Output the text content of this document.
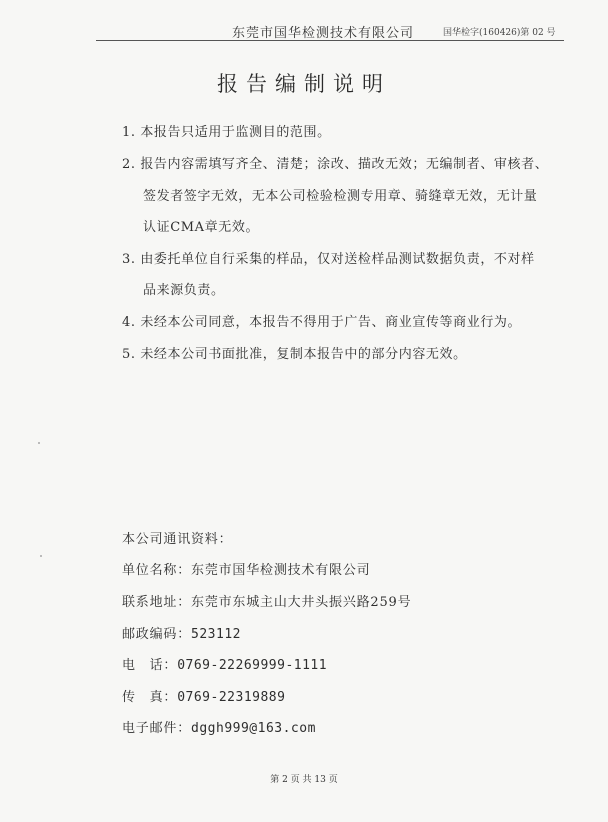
东莞市国华检测技术有限公司	国华检字(160426)第 02 号
报告编制说明
1. 本报告只适用于监测目的范围。
2. 报告内容需填写齐全、清楚；涂改、描改无效；无编制者、审核者、
签发者签字无效，无本公司检验检测专用章、骑缝章无效，无计量
认证CMA章无效。
3. 由委托单位自行采集的样品，仅对送检样品测试数据负责，不对样
品来源负责。
4. 未经本公司同意，本报告不得用于广告、商业宣传等商业行为。
5. 未经本公司书面批准，复制本报告中的部分内容无效。
本公司通讯资料：
单位名称：东莞市国华检测技术有限公司
联系地址：东莞市东城主山大井头振兴路259号
邮政编码：523112
电　话：0769-22269999-1111
传　真：0769-22319889
电子邮件：dggh999@163.com
第 2 页 共 13 页
